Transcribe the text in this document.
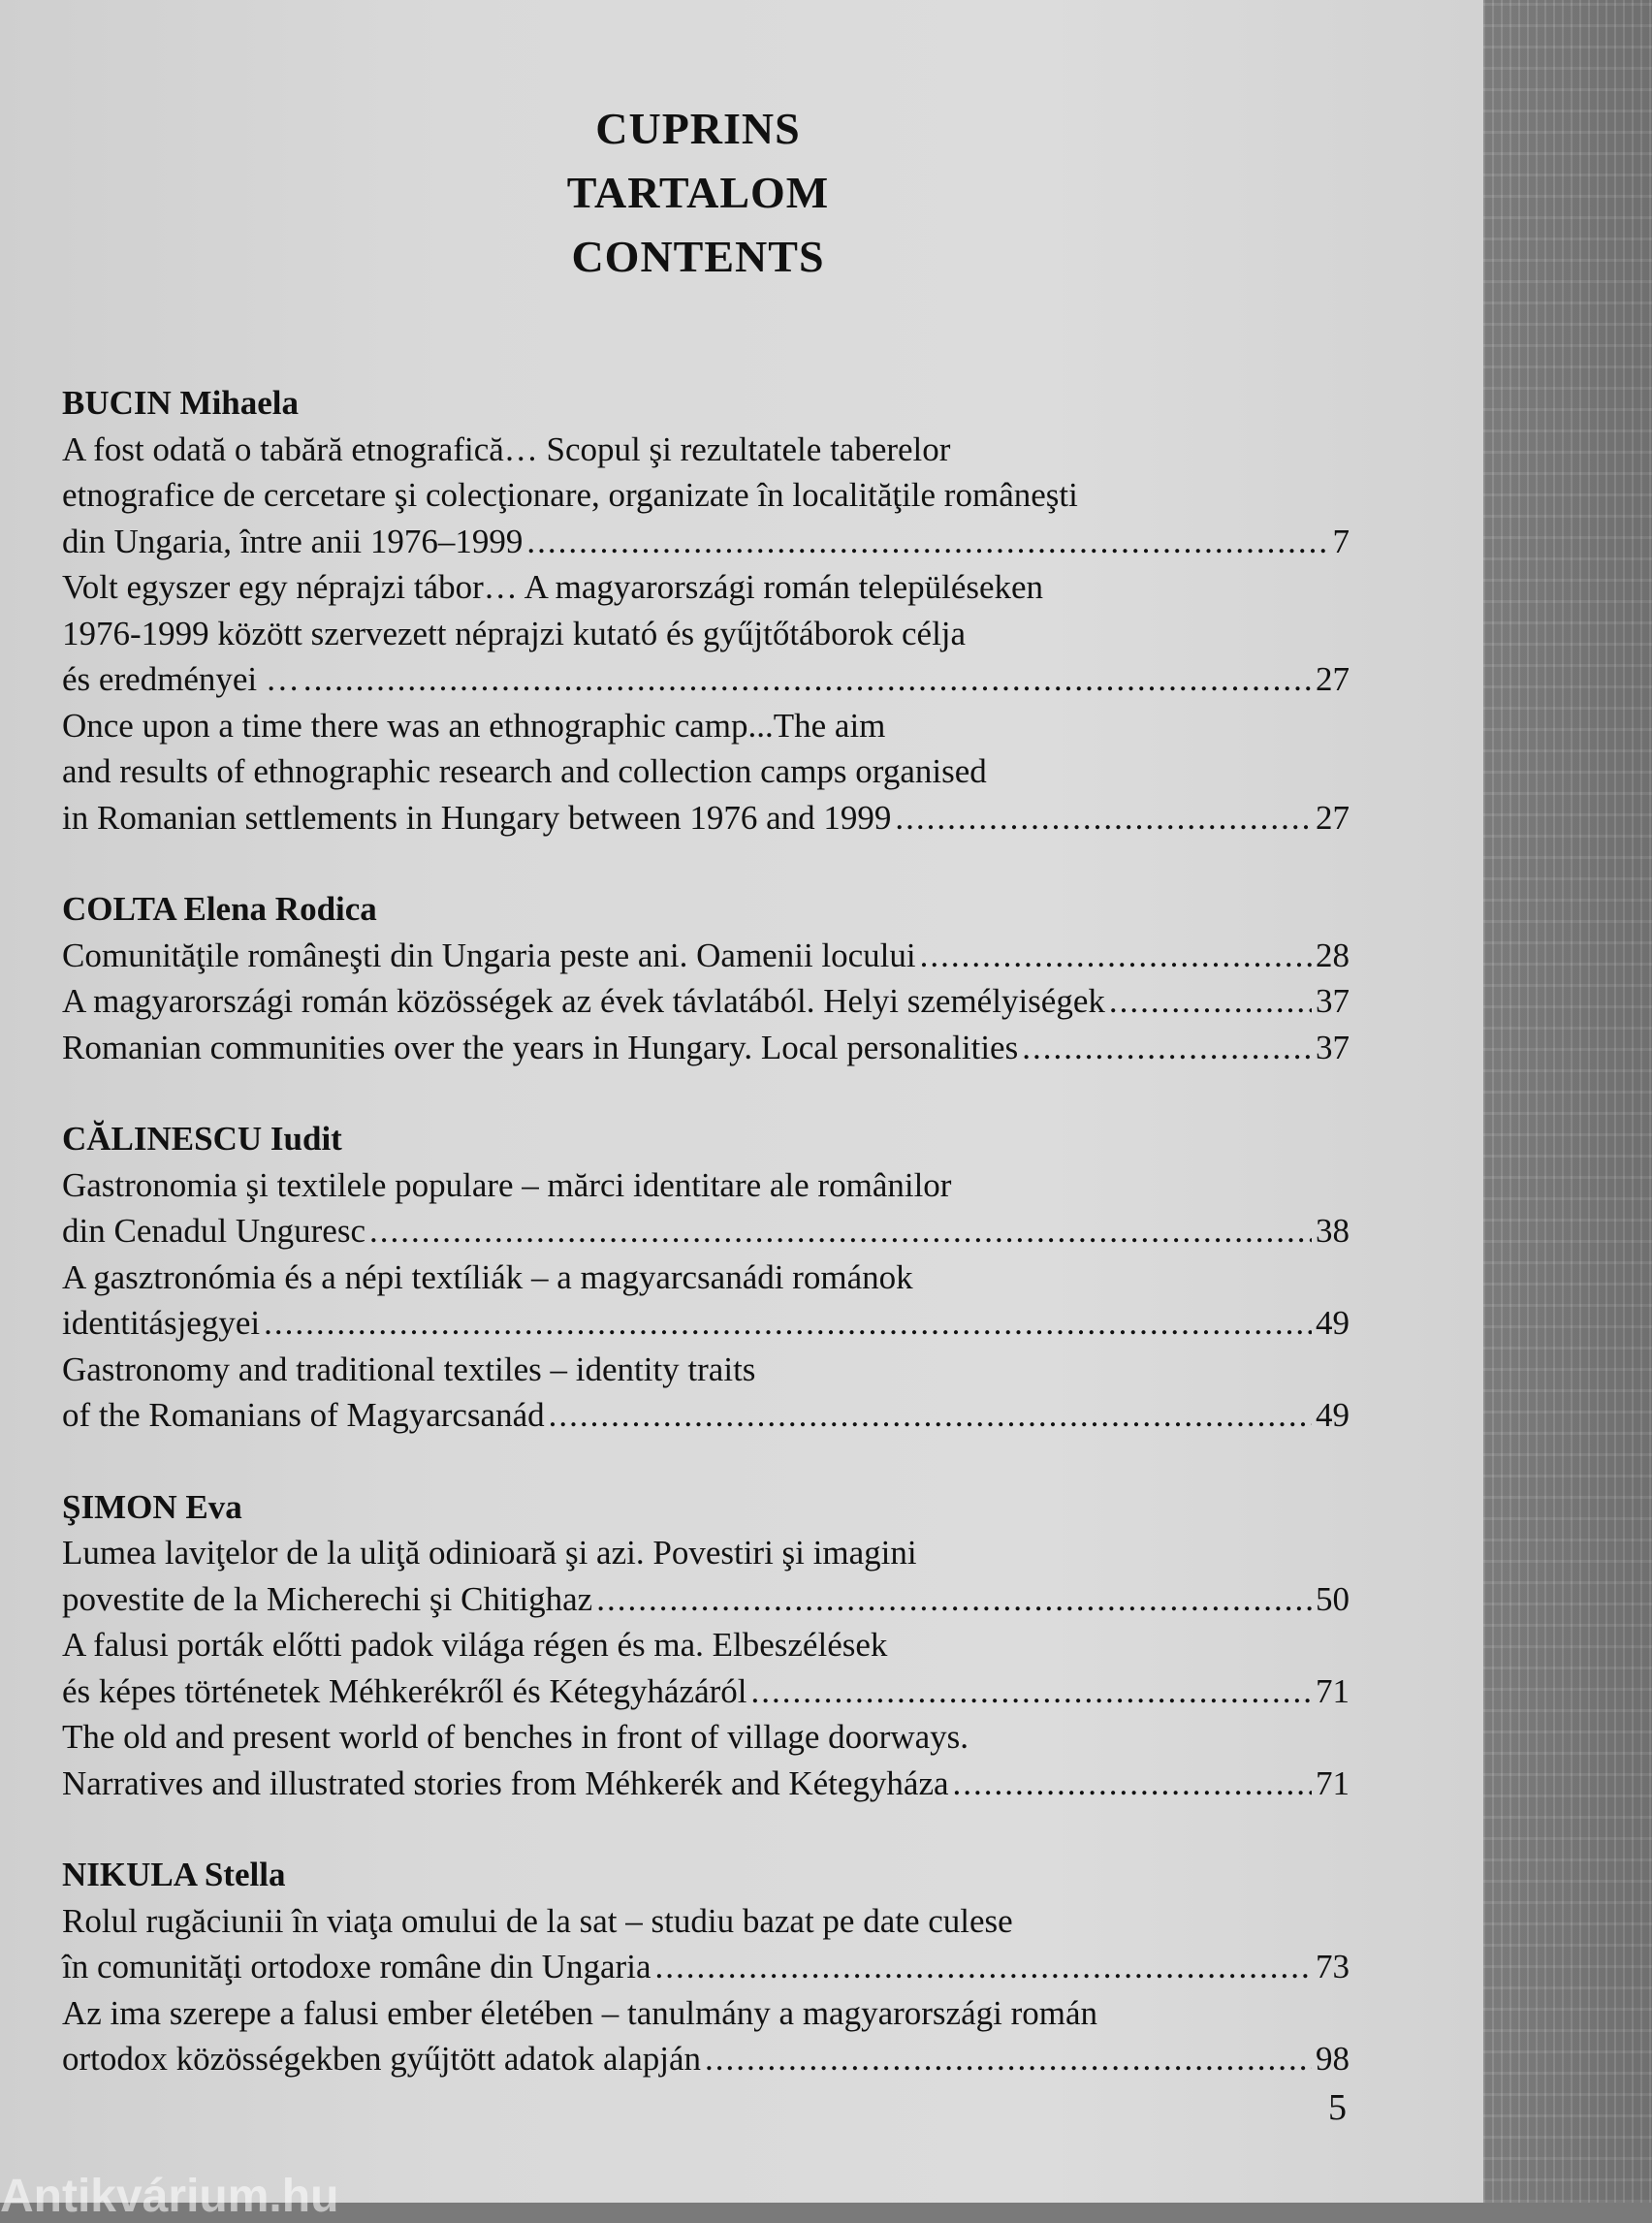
CUPRINS
TARTALOM
CONTENTS
BUCIN Mihaela
A fost odată o tabără etnografică… Scopul şi rezultatele taberelor
etnografice de cercetare şi colecţionare, organizate în localităţile româneşti
din Ungaria, între anii 1976–1999 .....	7
Volt egyszer egy néprajzi tábor… A magyarországi román településeken
1976-1999 között szervezett néprajzi kutató és gyűjtőtáborok célja
és eredményei … .....	27
Once upon a time there was an ethnographic camp...The aim
and results of ethnographic research and collection camps organised
in Romanian settlements in Hungary between 1976 and 1999 .....	27
COLTA Elena Rodica
Comunităţile româneşti din Ungaria peste ani. Oamenii locului .....	28
A magyarországi román közösségek az évek távlatából. Helyi személyiségek .....	37
Romanian communities over the years in Hungary. Local personalities .....	37
CĂLINESCU Iudit
Gastronomia şi textilele populare – mărci identitare ale românilor
din Cenadul Unguresc .....	38
A gasztronómia és a népi textíliák – a magyarcsanádi románok
identitásjegyei .....	49
Gastronomy and traditional textiles – identity traits
of the Romanians of Magyarcsanád .....	49
ŞIMON Eva
Lumea laviţelor de la uliţă odinioară şi azi. Povestiri şi imagini
povestite de la Micherechi şi Chitighaz .....	50
A falusi porták előtti padok világa régen és ma. Elbeszélések
és képes történetek Méhkerékről és Kétegyházáról .....	71
The old and present world of benches in front of village doorways.
Narratives and illustrated stories from Méhkerék and Kétegyháza .....	71
NIKULA Stella
Rolul rugăciunii în viaţa omului de la sat – studiu bazat pe date culese
în comunităţi ortodoxe române din Ungaria .....	73
Az ima szerepe a falusi ember életében – tanulmány a magyarországi román
ortodox közösségekben gyűjtött adatok alapján .....	98
5
Antikvárium.hu
